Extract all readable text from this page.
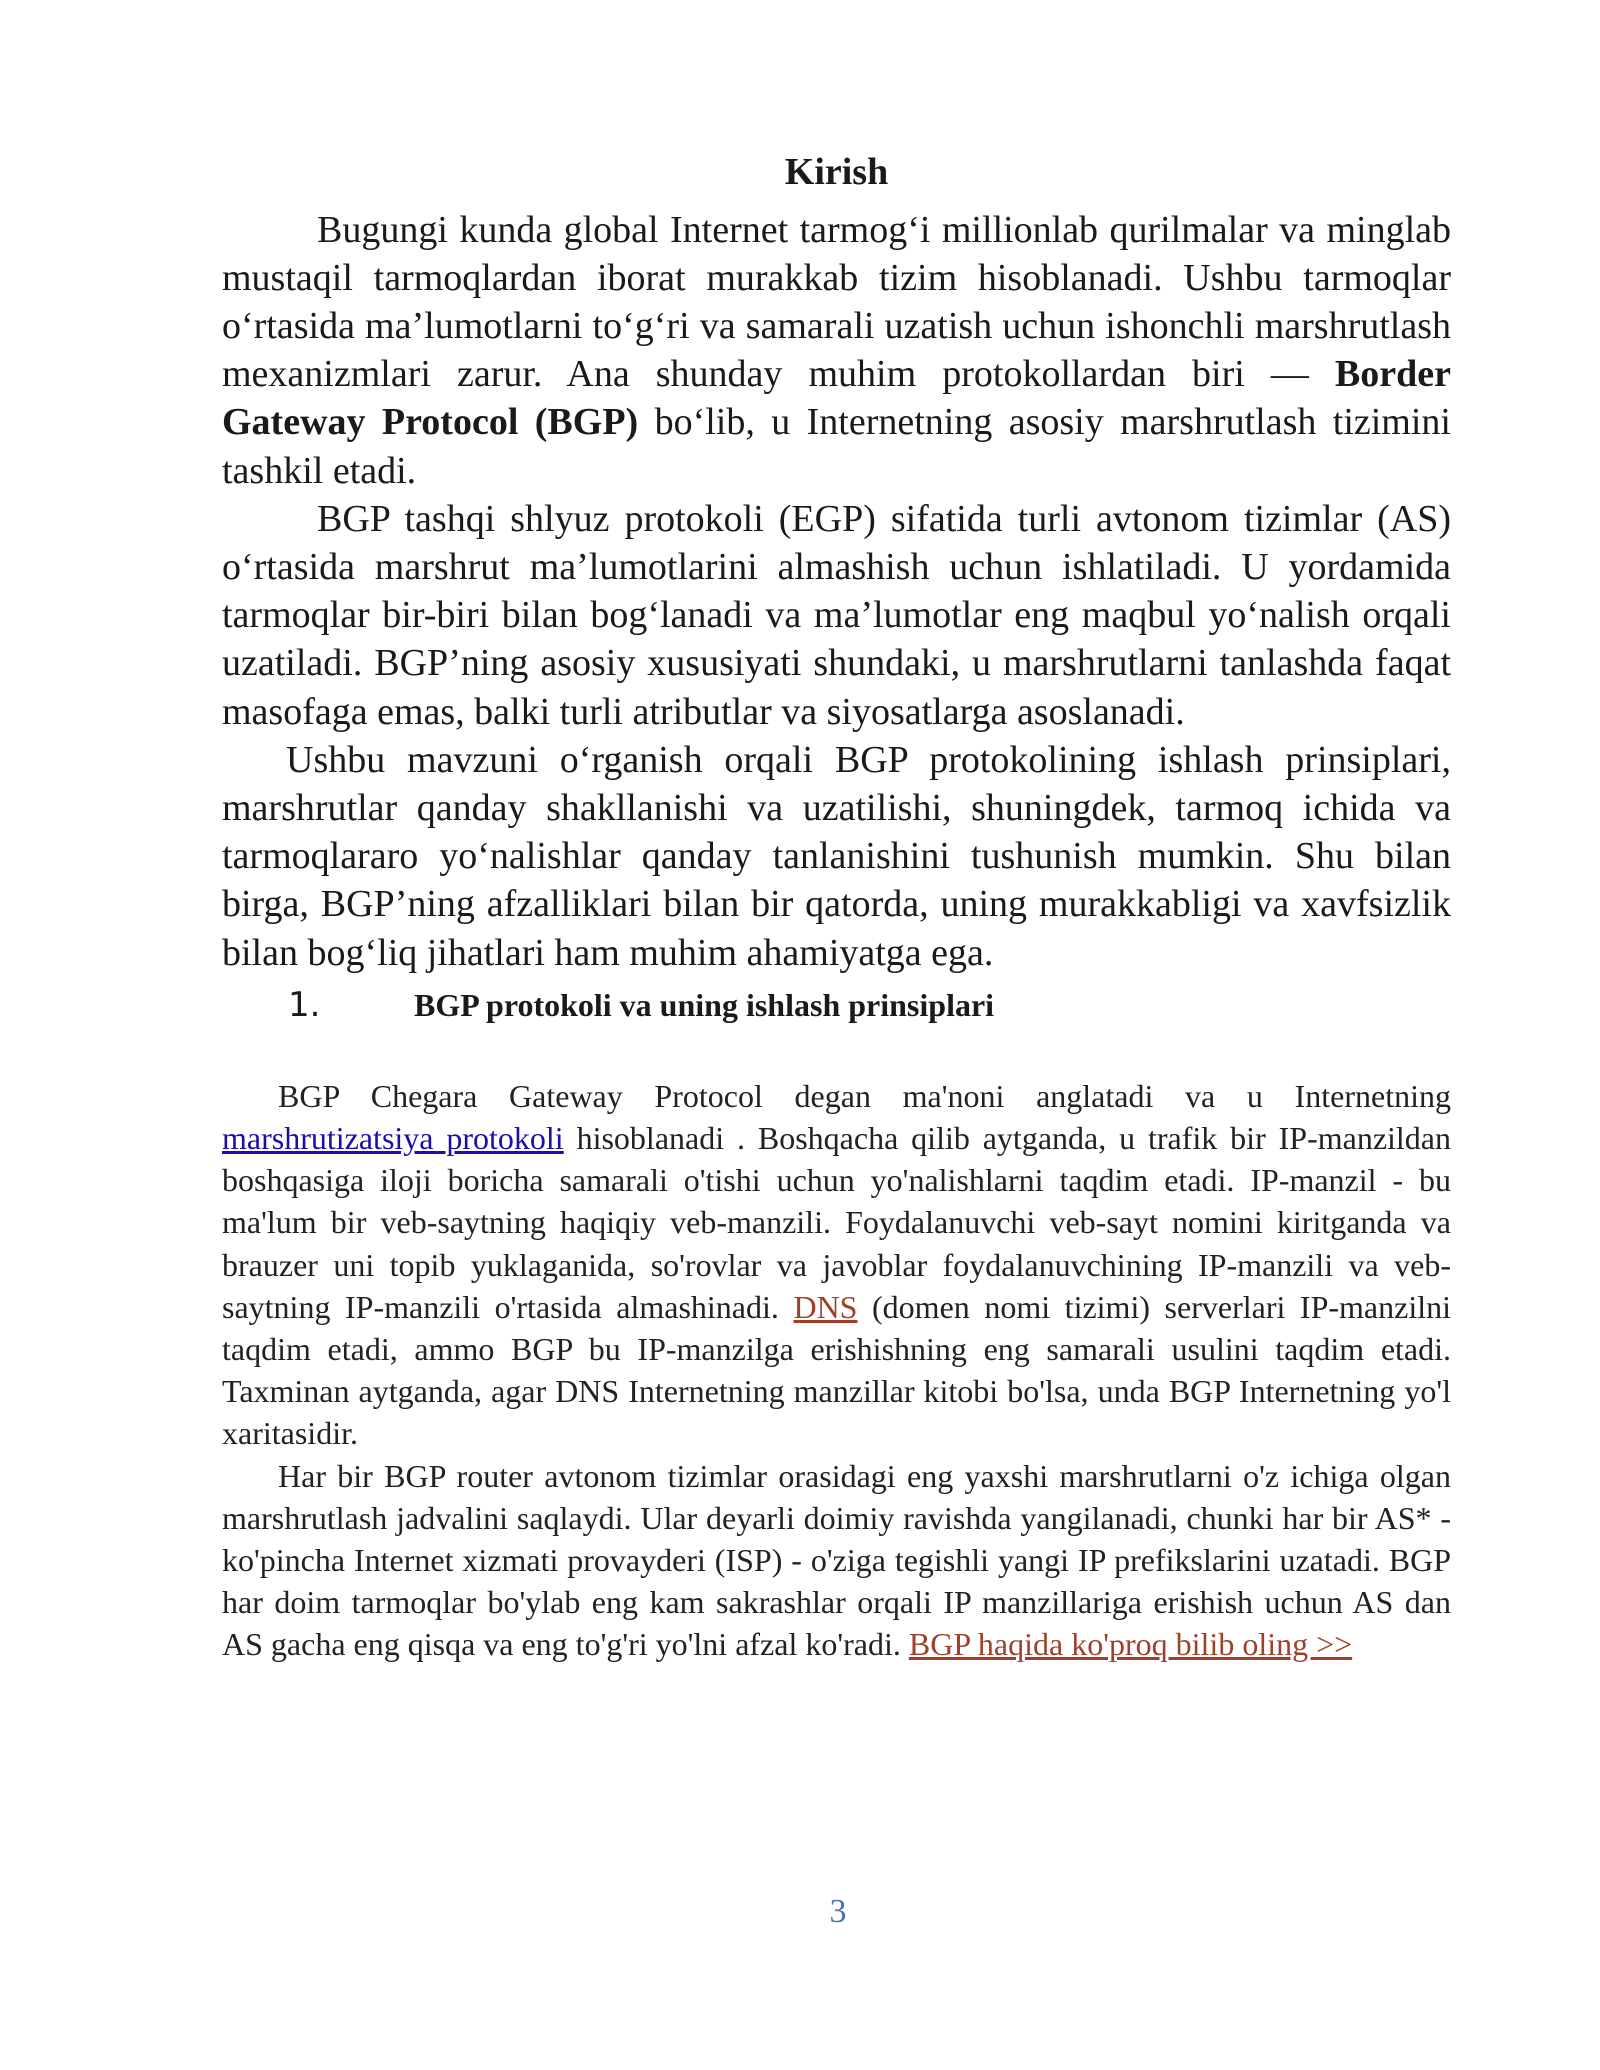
Kirish

Bugungi kunda global Internet tarmog‘i millionlab qurilmalar va minglab mustaqil tarmoqlardan iborat murakkab tizim hisoblanadi. Ushbu tarmoqlar o‘rtasida ma’lumotlarni to‘g‘ri va samarali uzatish uchun ishonchli marshrutlash mexanizmlari zarur. Ana shunday muhim protokollardan biri — Border Gateway Protocol (BGP) bo‘lib, u Internetning asosiy marshrutlash tizimini tashkil etadi.

BGP tashqi shlyuz protokoli (EGP) sifatida turli avtonom tizimlar (AS) o‘rtasida marshrut ma’lumotlarini almashish uchun ishlatiladi. U yordamida tarmoqlar bir-biri bilan bog‘lanadi va ma’lumotlar eng maqbul yo‘nalish orqali uzatiladi. BGP’ning asosiy xususiyati shundaki, u marshrutlarni tanlashda faqat masofaga emas, balki turli atributlar va siyosatlarga asoslanadi.

Ushbu mavzuni o‘rganish orqali BGP protokolining ishlash prinsiplari, marshrutlar qanday shakllanishi va uzatilishi, shuningdek, tarmoq ichida va tarmoqlararo yo‘nalishlar qanday tanlanishini tushunish mumkin. Shu bilan birga, BGP’ning afzalliklari bilan bir qatorda, uning murakkabligi va xavfsizlik bilan bog‘liq jihatlari ham muhim ahamiyatga ega.

1.	BGP protokoli va uning ishlash prinsiplari

BGP Chegara Gateway Protocol degan ma'noni anglatadi va u Internetning marshrutizatsiya protokoli hisoblanadi . Boshqacha qilib aytganda, u trafik bir IP-manzildan boshqasiga iloji boricha samarali o'tishi uchun yo'nalishlarni taqdim etadi. IP-manzil - bu ma'lum bir veb-saytning haqiqiy veb-manzili. Foydalanuvchi veb-sayt nomini kiritganda va brauzer uni topib yuklaganida, so'rovlar va javoblar foydalanuvchining IP-manzili va veb-saytning IP-manzili o'rtasida almashinadi. DNS (domen nomi tizimi) serverlari IP-manzilni taqdim etadi, ammo BGP bu IP-manzilga erishishning eng samarali usulini taqdim etadi. Taxminan aytganda, agar DNS Internetning manzillar kitobi bo'lsa, unda BGP Internetning yo'l xaritasidir.

Har bir BGP router avtonom tizimlar orasidagi eng yaxshi marshrutlarni o'z ichiga olgan marshrutlash jadvalini saqlaydi. Ular deyarli doimiy ravishda yangilanadi, chunki har bir AS* - ko'pincha Internet xizmati provayderi (ISP) - o'ziga tegishli yangi IP prefikslarini uzatadi. BGP har doim tarmoqlar bo'ylab eng kam sakrashlar orqali IP manzillariga erishish uchun AS dan AS gacha eng qisqa va eng to'g'ri yo'lni afzal ko'radi. BGP haqida ko'proq bilib oling >>

3
